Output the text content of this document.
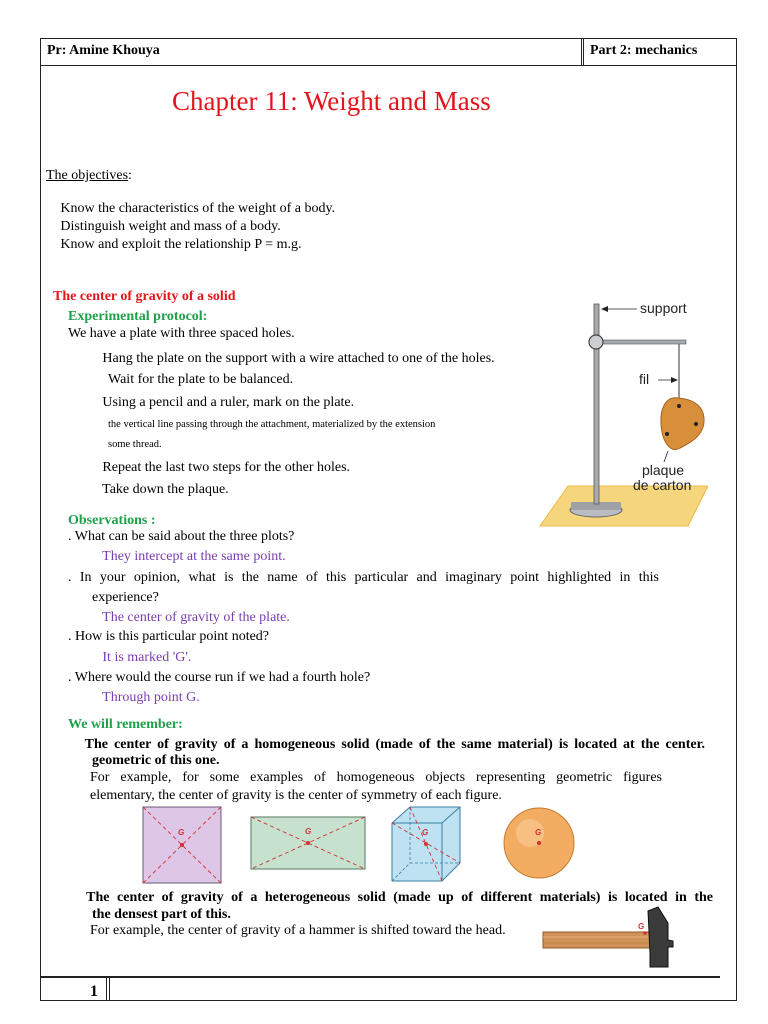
Pr: Amine Khouya	Part 2: mechanics
Chapter 11: Weight and Mass
The objectives:
  Know the characteristics of the weight of a body.
  Distinguish weight and mass of a body.
  Know and exploit the relationship P = m.g.
The center of gravity of a solid
Experimental protocol:
We have a plate with three spaced holes.
  Hang the plate on the support with a wire attached to one of the holes.
Wait for the plate to be balanced.
  Using a pencil and a ruler, mark on the plate.
the vertical line passing through the attachment, materialized by the extension
some thread.
  Repeat the last two steps for the other holes.
  Take down the plaque.
support
fil
plaque
de carton
Observations :
. What can be said about the three plots?
  They intercept at the same point.
. In your opinion, what is the name of this particular and imaginary point highlighted in this
experience?
  The center of gravity of the plate.
. How is this particular point noted?
  It is marked 'G'.
. Where would the course run if we had a fourth hole?
  Through point G.
We will remember:
  The center of gravity of a homogeneous solid (made of the same material) is located at the center.
geometric of this one.
For example, for some examples of homogeneous objects representing geometric figures
elementary, the center of gravity is the center of symmetry of each figure.
G	G	G	G
  The center of gravity of a heterogeneous solid (made up of different materials) is located in the
the densest part of this.
For example, the center of gravity of a hammer is shifted toward the head.	G
1
